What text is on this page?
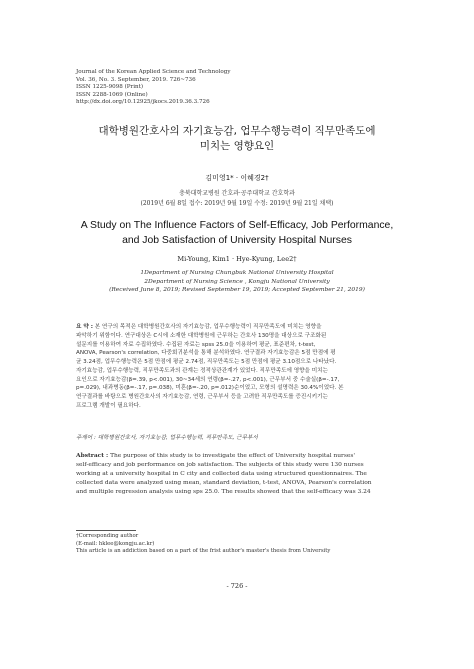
Journal of the Korean Applied Science and Technology
Vol. 36, No. 3. September, 2019. 726~736
ISSN 1225-9098 (Print)
ISSN 2288-1069 (Online)
http://dx.doi.org/10.12925/jkocs.2019.36.3.726
대학병원간호사의 자기효능감, 업무수행능력이 직무만족도에
미치는 영향요인
김미영1* · 이혜경2†
충북대학교병원 간호과·공주대학교 간호학과
(2019년 6월 8일 접수: 2019년 9월 19일 수정: 2019년 9월 21일 채택)
A Study on The Influence Factors of Self-Efficacy, Job Performance,
and Job Satisfaction of University Hospital Nurses
Mi-Young, Kim1 · Hye-Kyung, Lee2†
1Department of Nursing Chungbuk National University Hospital
2Department of Nursing Science , Kongju National University
(Received June 8, 2019; Revised September 19, 2019; Accepted September 21, 2019)
요 약 : 본 연구의 목적은 대학병원간호사의 자기효능감, 업무수행능력이 직무만족도에 미치는 영향을
파악하기 위함이다. 연구대상은 C시에 소재한 대학병원에 근무하는 간호사 130명을 대상으로 구조화된
설문지를 이용하여 자료 수집하였다. 수집된 자료는 spss 25.0을 이용하여 평균, 표준편차, t-test,
ANOVA, Pearson's correlation, 다중회귀분석을 통해 분석하였다. 연구결과 자기효능감은 5점 만점에 평
균 3.24점, 업무수행능력은 5점 만점에 평균 2.74점, 직무만족도는 5점 만점에 평균 3.10점으로 나타났다.
자기효능감, 업무수행능력, 직무만족도과의 관계는 정적상관관계가 있었다. 직무만족도에 영향을 미치는
요인으로 자기효능감(β=.39, p<.001), 30~34세의 연령(β=-.27, p<.001), 근무부서 중 수술실(β=-.17,
p=.029), 내과병동(β=-.17, p=.038), 미혼(β=-.20, p=.012)순이었고, 모형의 설명력은 30.4%이었다. 본
연구결과를 바탕으로 병원간호사의 자기효능감, 연령, 근무부서 등을 고려한 직무만족도를 증진시키기는
프로그램 개발이 필요하다.
주제어 : 대학병원간호사, 자기효능감, 업무수행능력, 직무만족도, 근무부서
Abstract : The purpose of this study is to investigate the effect of University hospital nurses'
self-efficacy and job performance on job satisfaction. The subjects of this study were 130 nurses
working at a university hospital in C city and collected data using structured questionnaires. The
collected data were analyzed using mean, standard deviation, t-test, ANOVA, Pearson's correlation
and multiple regression analysis using sps 25.0. The results showed that the self-efficacy was 3.24
†Corresponding author
(E-mail: hklee@kongju.ac.kr)
This article is an addiction based on a part of the frist author's master's thesis from University
- 726 -
